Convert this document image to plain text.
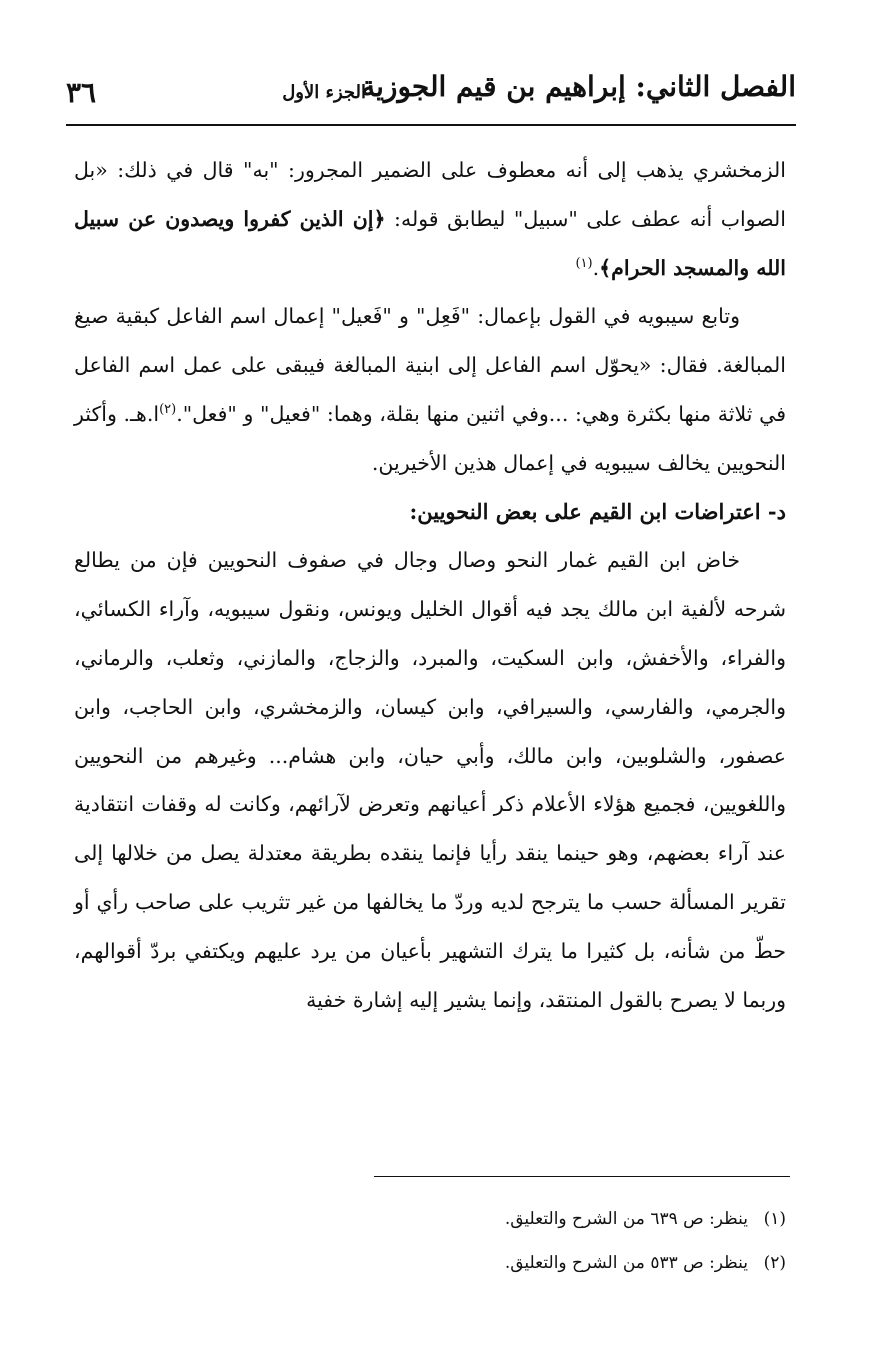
الفصل الثاني: إبراهيم بن قيم الجوزية
الجزء الأول
٣٦

الزمخشري يذهب إلى أنه معطوف على الضمير المجرور: "به" قال في ذلك: «بل الصواب أنه عطف على "سبيل" ليطابق قوله: ﴿إن الذين كفروا ويصدون عن سبيل الله والمسجد الحرام﴾.$^{(١)}$

وتابع سيبويه في القول بإعمال: "فَعِل" و "فَعيل" إعمال اسم الفاعل كبقية صيغ المبالغة. فقال: «يحوّل اسم الفاعل إلى ابنية المبالغة فيبقى على عمل اسم الفاعل في ثلاثة منها بكثرة وهي: ...وفي اثنين منها بقلة، وهما: "فعيل" و "فعل".$^{(٢)}$ا.هـ. وأكثر النحويين يخالف سيبويه في إعمال هذين الأخيرين.

د- اعتراضات ابن القيم على بعض النحويين:

خاض ابن القيم غمار النحو وصال وجال في صفوف النحويين فإن من يطالع شرحه لألفية ابن مالك يجد فيه أقوال الخليل ويونس، ونقول سيبويه، وآراء الكسائي، والفراء، والأخفش، وابن السكيت، والمبرد، والزجاج، والمازني، وثعلب، والرماني، والجرمي، والفارسي، والسيرافي، وابن كيسان، والزمخشري، وابن الحاجب، وابن عصفور، والشلوبين، وابن مالك، وأبي حيان، وابن هشام... وغيرهم من النحويين واللغويين، فجميع هؤلاء الأعلام ذكر أعيانهم وتعرض لآرائهم، وكانت له وقفات انتقادية عند آراء بعضهم، وهو حينما ينقد رأيا فإنما ينقده بطريقة معتدلة يصل من خلالها إلى تقرير المسألة حسب ما يترجح لديه وردّ ما يخالفها من غير تثريب على صاحب رأي أو حطّ من شأنه، بل كثيرا ما يترك التشهير بأعيان من يرد عليهم ويكتفي بردّ أقوالهم، وربما لا يصرح بالقول المنتقد، وإنما يشير إليه إشارة خفية

(١)ينظر: ص ٦٣٩ من الشرح والتعليق.
(٢)ينظر: ص ٥٣٣ من الشرح والتعليق.
